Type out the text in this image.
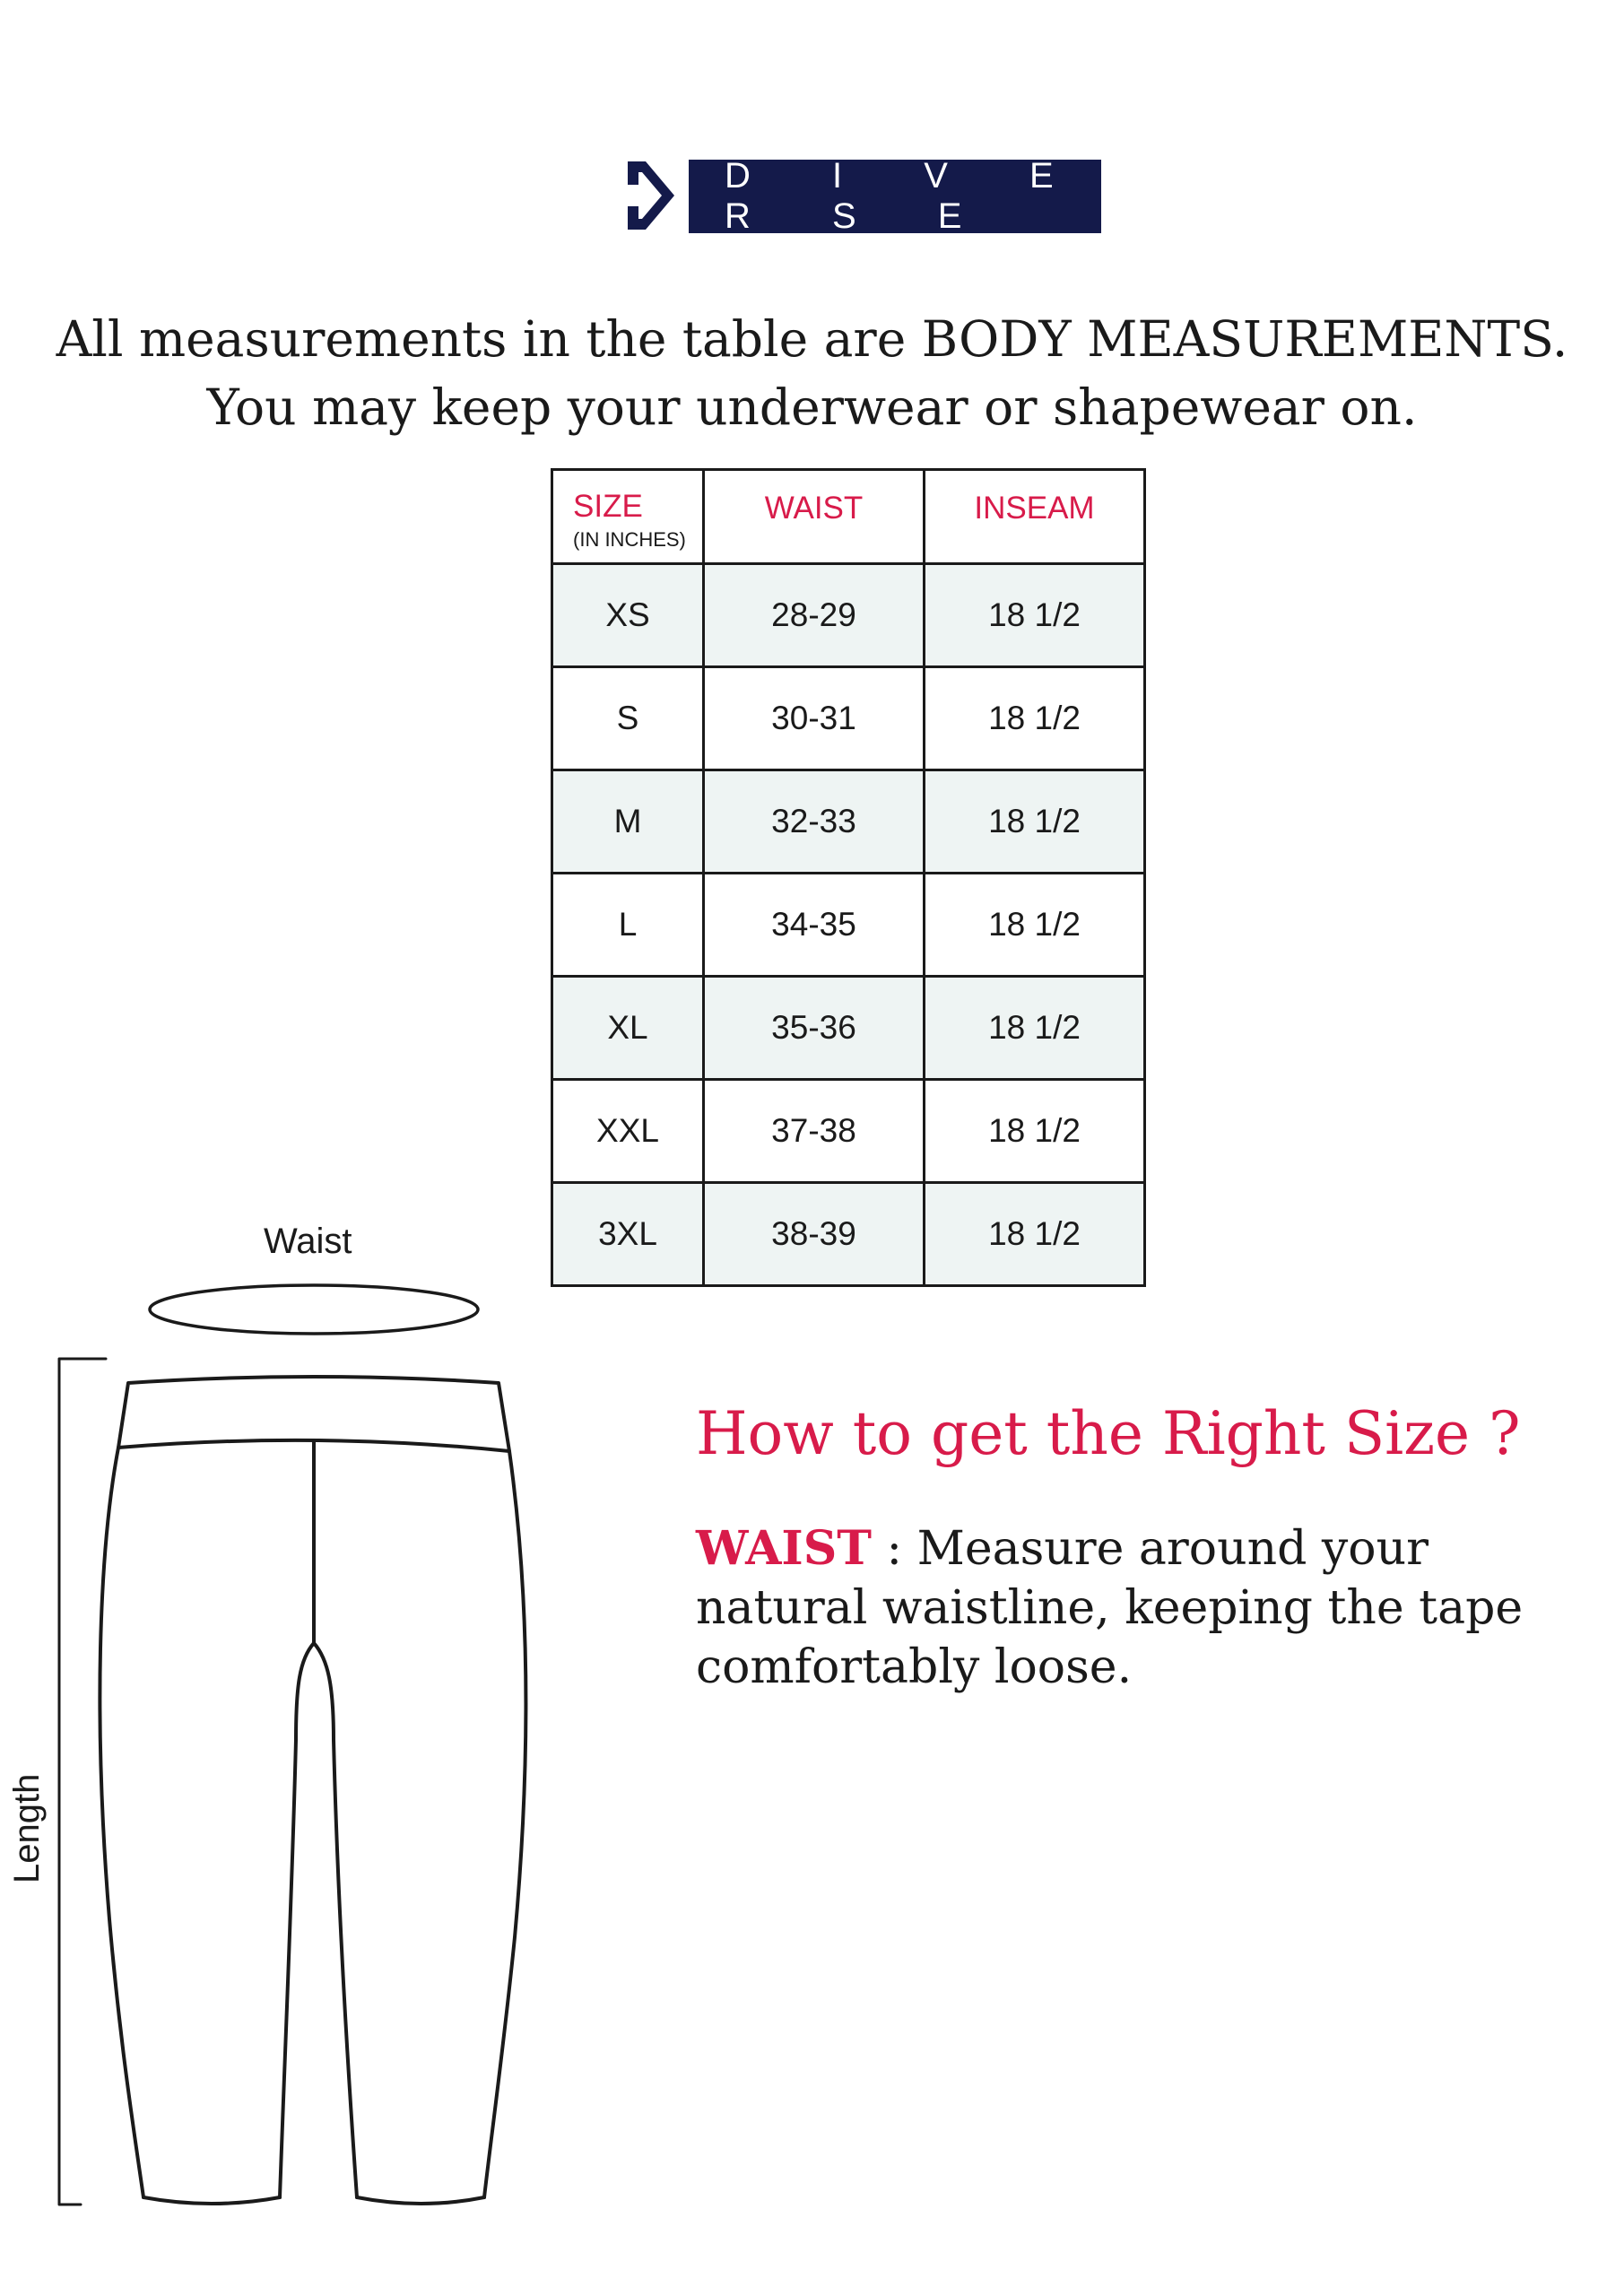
D I V E R S E
All measurements in the table are BODY MEASUREMENTS.
You may keep your underwear or shapewear on.
SIZE
(IN INCHES)	WAIST	INSEAM

XS	28-29	18 1/2
S	30-31	18 1/2
M	32-33	18 1/2
L	34-35	18 1/2
XL	35-36	18 1/2
XXL	37-38	18 1/2
3XL	38-39	18 1/2
Waist
Length
How to get the Right Size ?
WAIST : Measure around your natural waistline, keeping the tape comfortably loose.
